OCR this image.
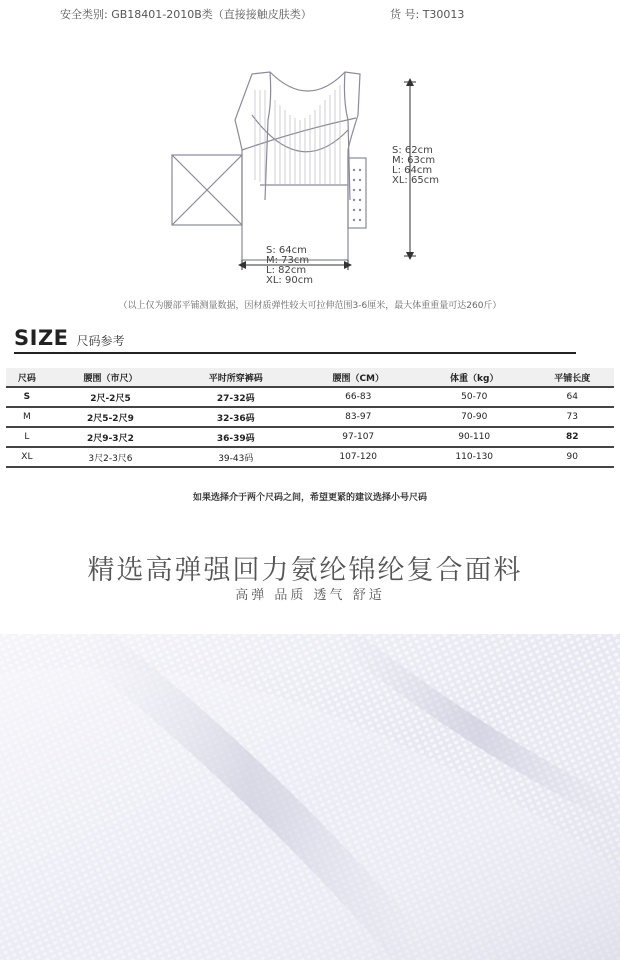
安全类别: GB18401-2010B类（直接接触皮肤类）	货 号: T30013
S: 62cm
M: 63cm
L: 64cm
XL: 65cm
S: 64cm
M: 73cm
L: 82cm
XL: 90cm
（以上仅为腰部平铺测量数据，因材质弹性较大可拉伸范围3-6厘米，最大体重重量可达260斤）
SIZE 尺码参考
尺码	腰围（市尺）	平时所穿裤码	腰围（CM）	体重（kg）	平铺长度
S	2尺-2尺5	27-32码	66-83	50-70	64
M	2尺5-2尺9	32-36码	83-97	70-90	73
L	2尺9-3尺2	36-39码	97-107	90-110	82
XL	3尺2-3尺6	39-43码	107-120	110-130	90
如果选择介于两个尺码之间，希望更紧的建议选择小号尺码
精选高弹强回力氨纶锦纶复合面料
高弹 品质 透气 舒适
